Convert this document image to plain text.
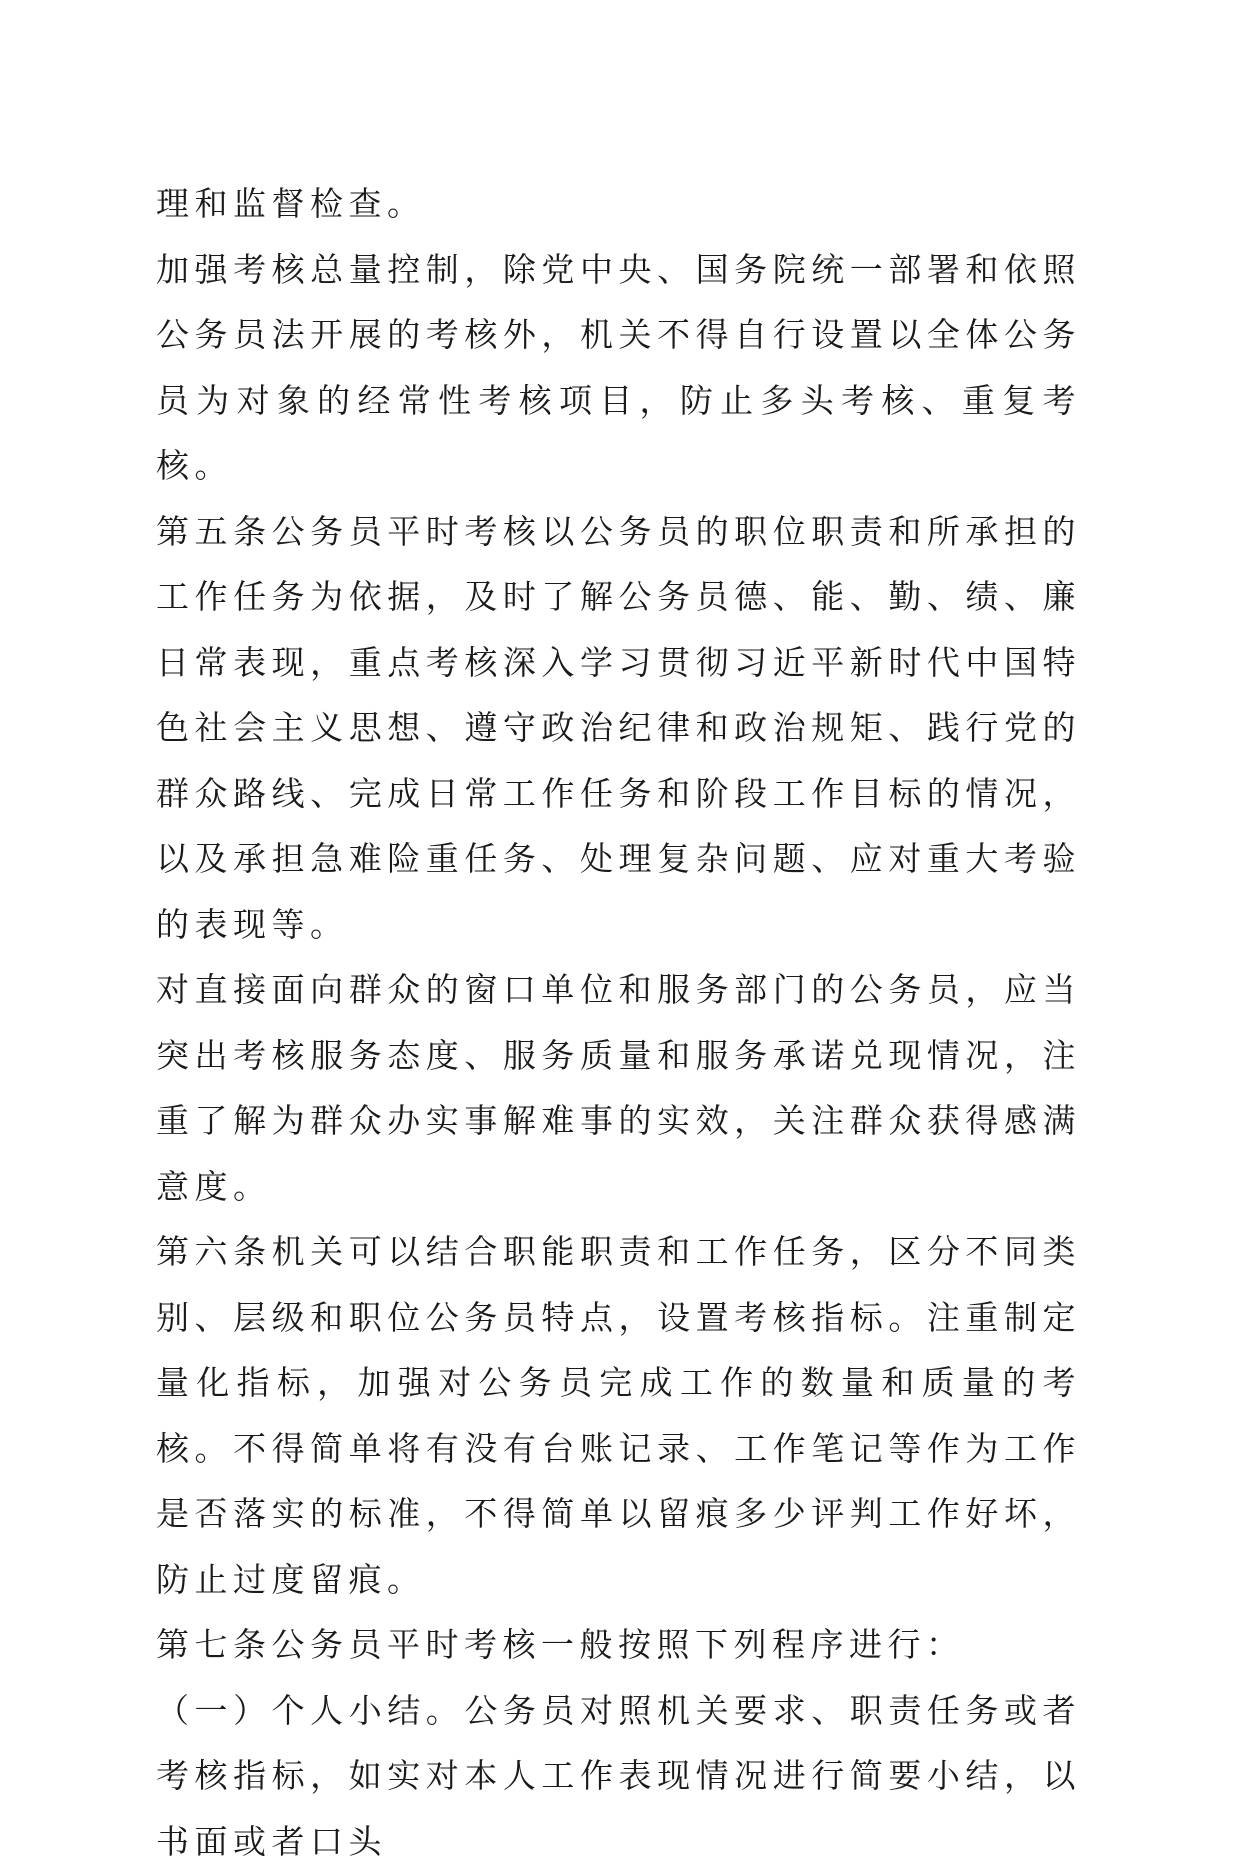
理和监督检查。

加强考核总量控制，除党中央、国务院统一部署和依照公务员法开展的考核外，机关不得自行设置以全体公务员为对象的经常性考核项目，防止多头考核、重复考核。

第五条公务员平时考核以公务员的职位职责和所承担的工作任务为依据，及时了解公务员德、能、勤、绩、廉日常表现，重点考核深入学习贯彻习近平新时代中国特色社会主义思想、遵守政治纪律和政治规矩、践行党的群众路线、完成日常工作任务和阶段工作目标的情况，以及承担急难险重任务、处理复杂问题、应对重大考验的表现等。

对直接面向群众的窗口单位和服务部门的公务员，应当突出考核服务态度、服务质量和服务承诺兑现情况，注重了解为群众办实事解难事的实效，关注群众获得感满意度。

第六条机关可以结合职能职责和工作任务，区分不同类别、层级和职位公务员特点，设置考核指标。注重制定量化指标，加强对公务员完成工作的数量和质量的考核。不得简单将有没有台账记录、工作笔记等作为工作是否落实的标准，不得简单以留痕多少评判工作好坏，防止过度留痕。

第七条公务员平时考核一般按照下列程序进行：

（一）个人小结。公务员对照机关要求、职责任务或者考核指标，如实对本人工作表现情况进行简要小结，以书面或者口头
